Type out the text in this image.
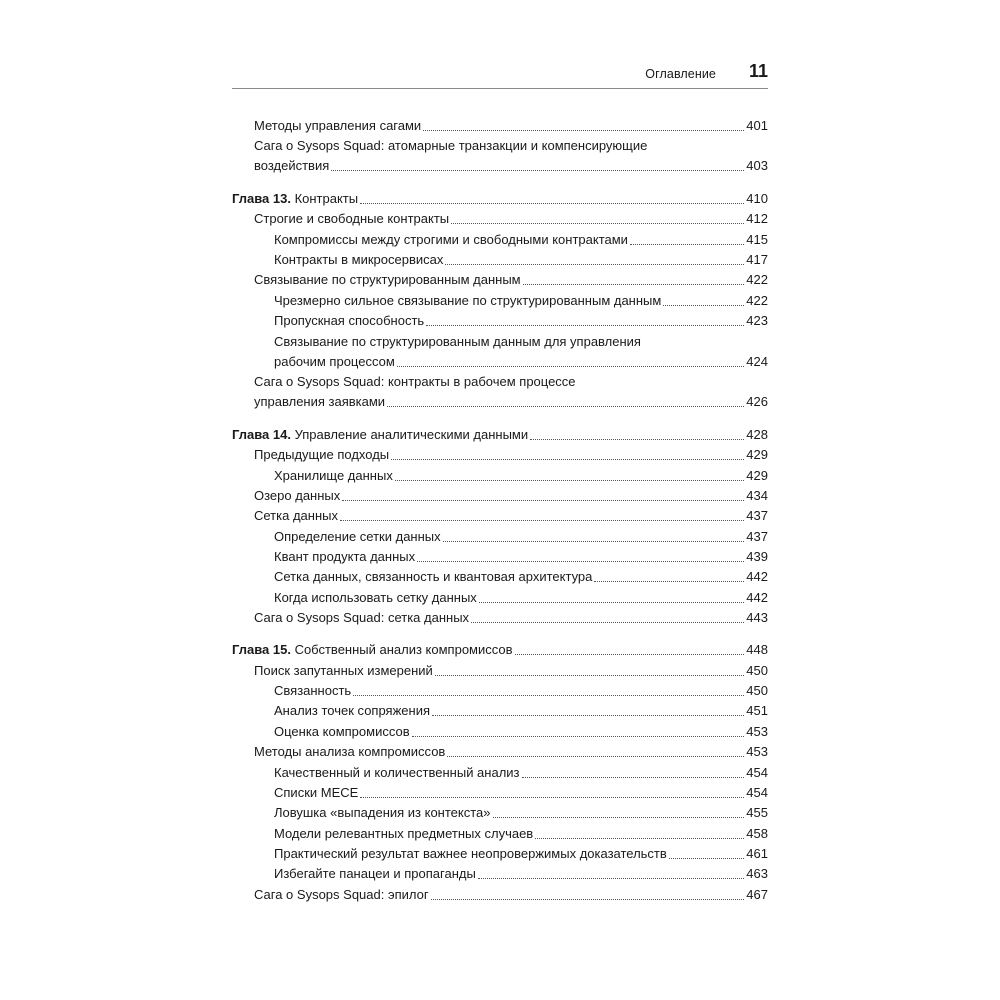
Оглавление 11
Методы управления сагами	401
Сага о Sysops Squad: атомарные транзакции и компенсирующие
воздействия	403
Глава 13. Контракты	410
Строгие и свободные контракты	412
Компромиссы между строгими и свободными контрактами	415
Контракты в микросервисах	417
Связывание по структурированным данным	422
Чрезмерно сильное связывание по структурированным данным	422
Пропускная способность	423
Связывание по структурированным данным для управления
рабочим процессом	424
Сага о Sysops Squad: контракты в рабочем процессе
управления заявками	426
Глава 14. Управление аналитическими данными	428
Предыдущие подходы	429
Хранилище данных	429
Озеро данных	434
Сетка данных	437
Определение сетки данных	437
Квант продукта данных	439
Сетка данных, связанность и квантовая архитектура	442
Когда использовать сетку данных	442
Сага о Sysops Squad: сетка данных	443
Глава 15. Собственный анализ компромиссов	448
Поиск запутанных измерений	450
Связанность	450
Анализ точек сопряжения	451
Оценка компромиссов	453
Методы анализа компромиссов	453
Качественный и количественный анализ	454
Списки MECE	454
Ловушка «выпадения из контекста»	455
Модели релевантных предметных случаев	458
Практический результат важнее неопровержимых доказательств	461
Избегайте панацеи и пропаганды	463
Сага о Sysops Squad: эпилог	467
